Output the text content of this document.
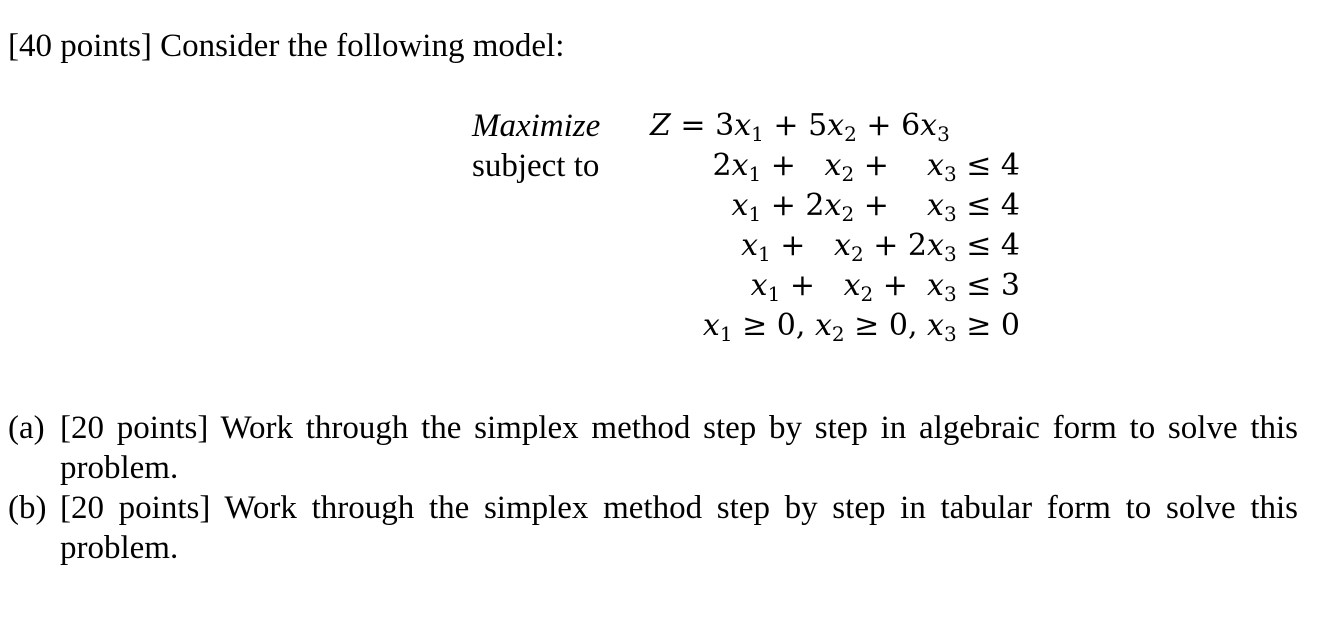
[40 points] Consider the following model:
Maximize
subject to
$Z = 3x_1 + 5x_2 + 6x_3$

$2x_1 + x_2 + x_3 \le 4$

$x_1 + 2x_2 + x_3 \le 4$

$x_1 + x_2 + 2x_3 \le 4$

$x_1 + x_2 + x_3 \le 3$

$x_1 \ge 0$, $x_2 \ge 0$, $x_3 \ge 0$

(a) [20 points] Work through the simplex method step by step in algebraic form to solve this problem.
(b) [20 points] Work through the simplex method step by step in tabular form to solve this problem.
